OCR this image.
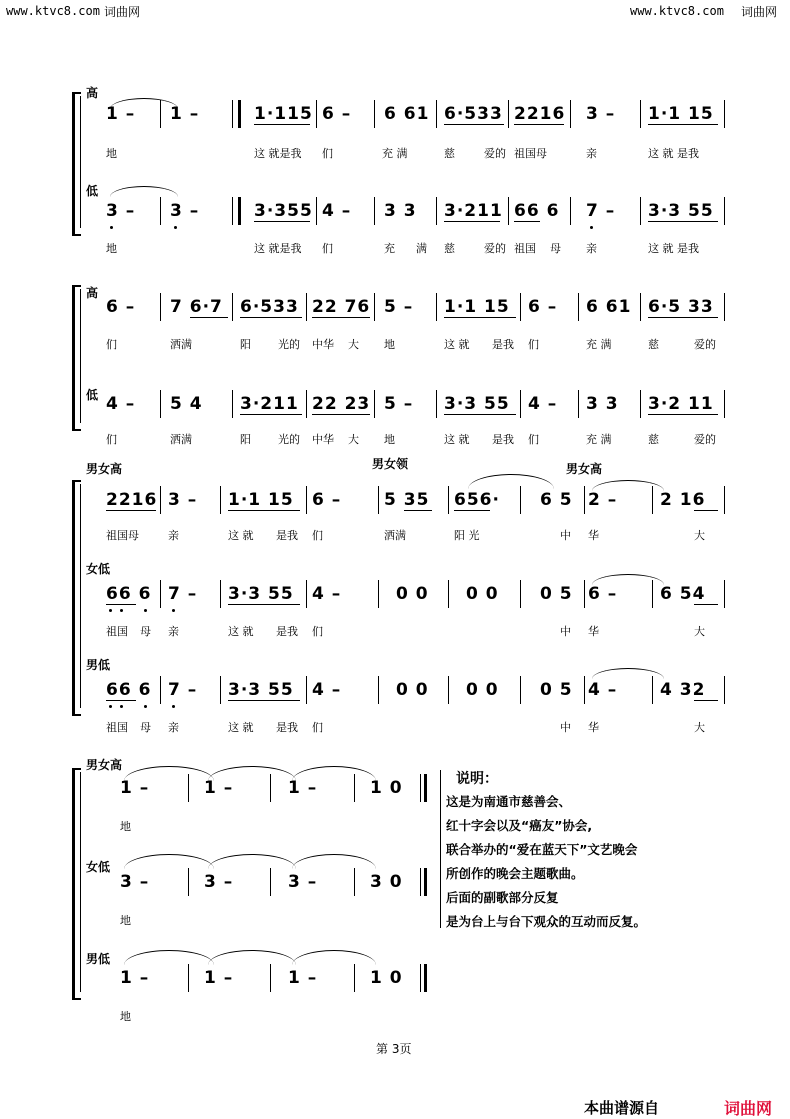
www.ktvc8.com 词曲网	www.ktvc8.com 词曲网
高
低
1 – 1 –	1·115 6 – 6 61 6·533 2216 3 – 1·1 15
地	这 就是我 们	充 满	慈	爱的 祖国母	亲	这 就 是我
3 – 3 –	3·355 4 – 3 3 3·211 66 6 7 – 3·3 55
地	这 就是我 们	充 满 慈	爱的 祖国 母 亲	这 就 是我
高
低
6 – 7 6·7 6·533 22 76 5 – 1·1 15 6 – 6 61 6·5 33
们	洒满	阳 光的 中华 大 地	这 就 是我 们	充 满	慈	爱的
4 – 5 4 3·211 22 23 5 – 3·3 55 4 – 3 3 3·2 11
们	洒满	阳 光的 中华 大 地	这 就 是我 们	充 满	慈	爱的
男女高	男女领	男女高
女低
男低
2216 3 – 1·1 15 6 –	5 35 656· 6 5 2 –	2 16
祖国母	亲	这 就 是我 们	洒满	阳 光	中 华	大
66 6 7 – 3·3 55 4 –	0 0 0 0 0 5 6 –	6 54
祖国 母 亲	这 就 是我 们	中 华	大
66 6 7 – 3·3 55 4 –	0 0 0 0 0 5 4 –	4 32
祖国 母 亲	这 就 是我 们	中 华	大
男女高
女低
男低
1 –	1 –	1 –	1 0
地
3 –	3 –	3 –	3 0
地
1 –	1 –	1 –	1 0
地
说明：
这是为南通市慈善会、
红十字会以及“癌友”协会,
联合举办的“爱在蓝天下”文艺晚会
所创作的晚会主题歌曲。
后面的副歌部分反复
是为台上与台下观众的互动而反复。
第 3页
本曲谱源自	词曲网
